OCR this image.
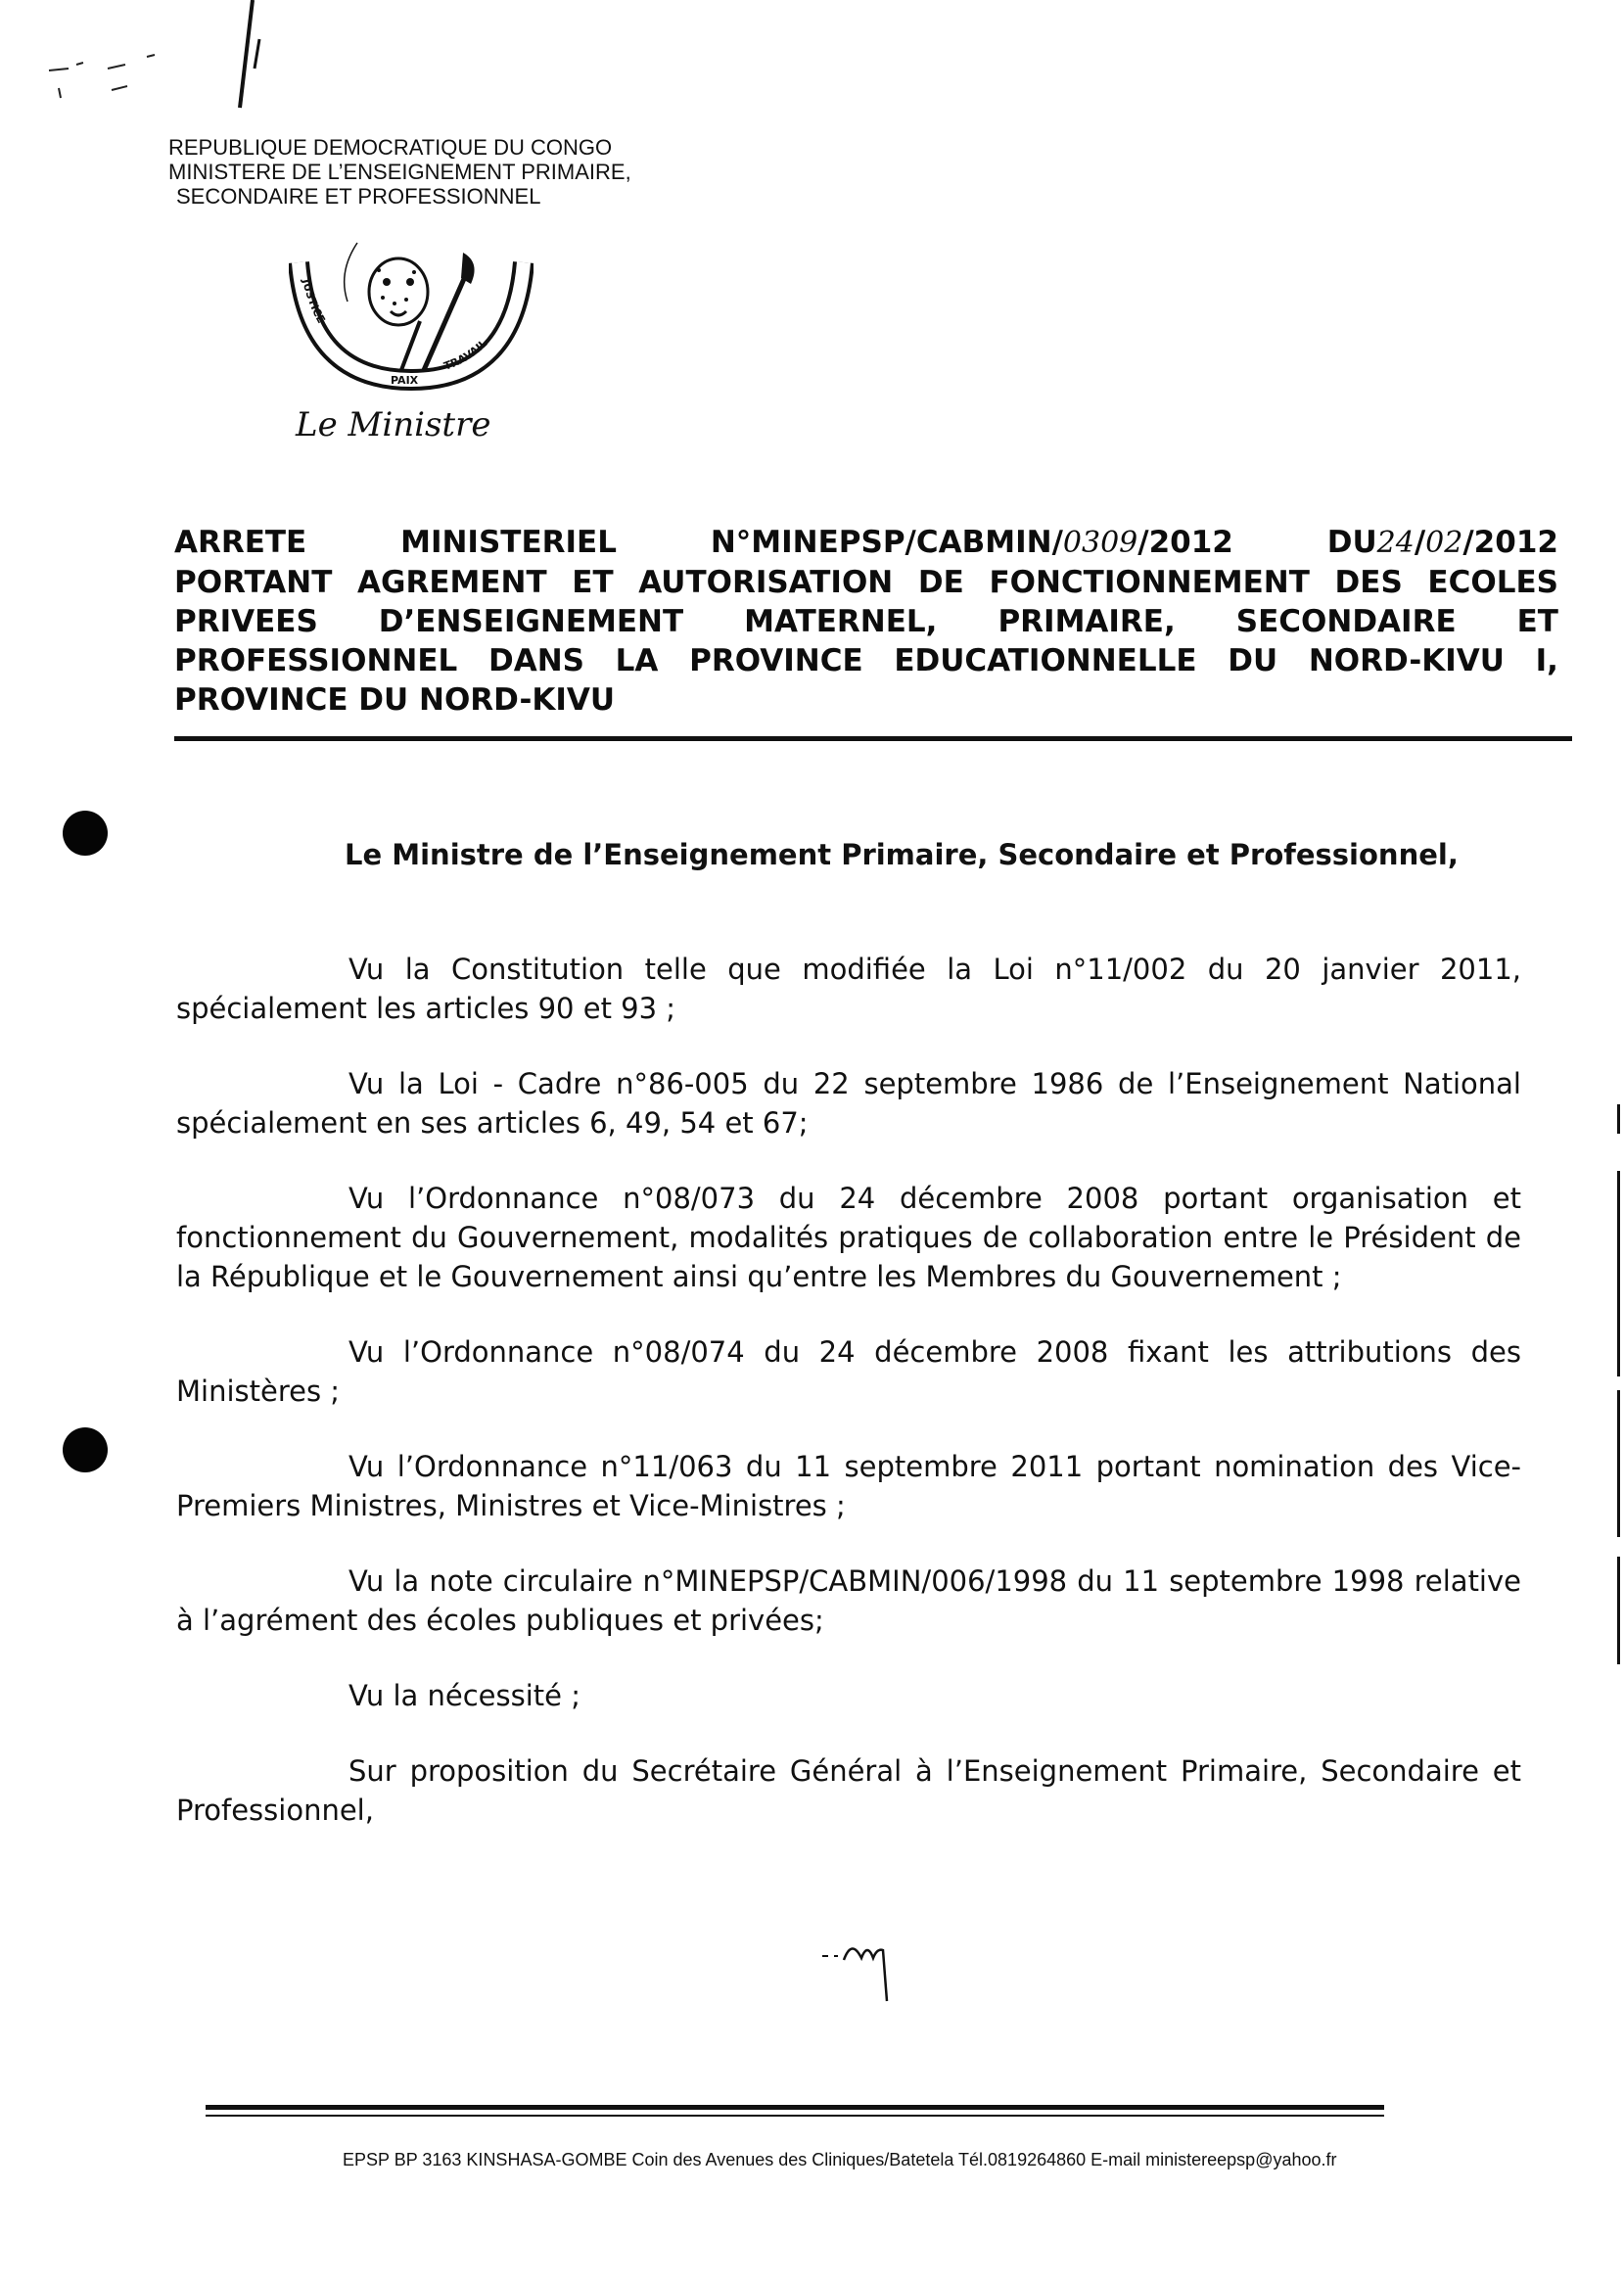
REPUBLIQUE DEMOCRATIQUE DU CONGO
MINISTERE DE L’ENSEIGNEMENT PRIMAIRE,
SECONDAIRE ET PROFESSIONNEL
JUSTICE
TRAVAIL
PAIX
Le Ministre
ARRETE	MINISTERIEL	N°MINEPSP/CABMIN/0309/2012	DU24/02/2012
PORTANT AGREMENT ET AUTORISATION DE FONCTIONNEMENT DES ECOLES
PRIVEES D’ENSEIGNEMENT MATERNEL, PRIMAIRE, SECONDAIRE ET
PROFESSIONNEL DANS LA PROVINCE EDUCATIONNELLE DU NORD-KIVU I,
PROVINCE DU NORD-KIVU
Le Ministre de l’Enseignement Primaire, Secondaire et Professionnel,

Vu la Constitution telle que modifiée la Loi n°11/002 du 20 janvier 2011, spécialement les articles 90 et 93 ;

Vu la Loi - Cadre n°86-005 du 22 septembre 1986 de l’Enseignement National spécialement en ses articles 6, 49, 54 et 67;

Vu l’Ordonnance n°08/073 du 24 décembre 2008 portant organisation et fonctionnement du Gouvernement, modalités pratiques de collaboration entre le Président de la République et le Gouvernement ainsi qu’entre les Membres du Gouvernement ;

Vu l’Ordonnance n°08/074 du 24 décembre 2008 fixant les attributions des Ministères ;

Vu l’Ordonnance n°11/063 du 11 septembre 2011 portant nomination des Vice-Premiers Ministres, Ministres et Vice-Ministres ;

Vu la note circulaire n°MINEPSP/CABMIN/006/1998 du 11 septembre 1998 relative à l’agrément des écoles publiques et privées;

Vu la nécessité ;

Sur proposition du Secrétaire Général à l’Enseignement Primaire, Secondaire et Professionnel,

EPSP BP 3163 KINSHASA-GOMBE Coin des Avenues des Cliniques/Batetela Tél.0819264860 E-mail ministereepsp@yahoo.fr
